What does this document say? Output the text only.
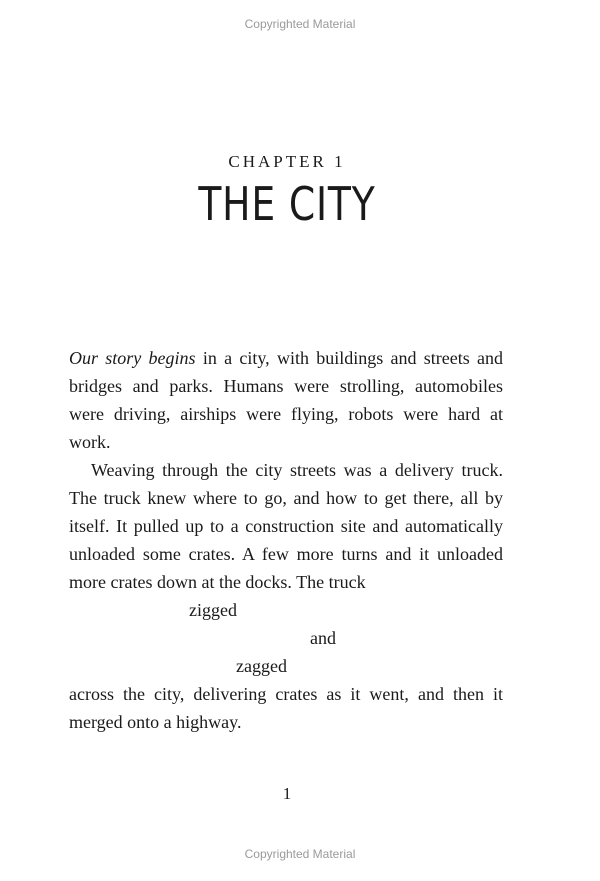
Copyrighted Material
CHAPTER 1
THE CITY
Our story begins in a city, with buildings and streets and
bridges and parks. Humans were strolling, automobiles
were driving, airships were flying, robots were hard at
work.
Weaving through the city streets was a delivery truck.
The truck knew where to go, and how to get there, all by
itself. It pulled up to a construction site and automatically
unloaded some crates. A few more turns and it unloaded
more crates down at the docks. The truck
zigged
and
zagged
across the city, delivering crates as it went, and then it
merged onto a highway.
1
Copyrighted Material
